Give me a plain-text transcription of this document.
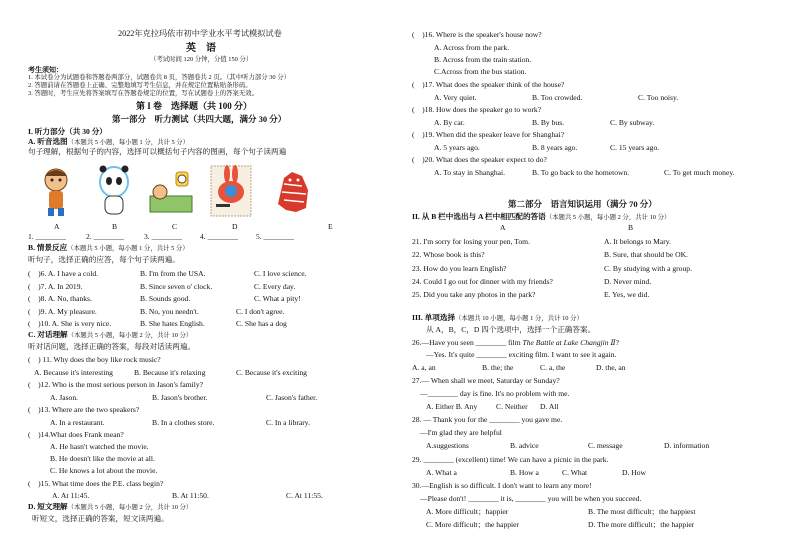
2022年克拉玛依市初中学业水平考试模拟试卷
英　语
（考试时间 120 分钟，分值 150 分）
考生须知：
1. 本试卷分为试题卷和答题卷两部分，试题卷共 8 页，答题卷共 2 页。（其中听力部分 30 分）
2. 答题前请在答题卷上正确、完整地填写考生信息，并在规定位置粘贴条形码。
3. 答题时，考生应先将答案填写在答题卷规定的位置，写在试题卷上的答案无效。
第 I 卷　选择题（共 100 分）
第一部分　听力测试（共四大题，满分 30 分）
I. 听力部分（共 30 分）
A. 听音选图（本题共 5 小题，每小题 1 分，共计 5 分）
句子理解，根据句子的内容，选择可以概括句子内容的图画，每个句子读两遍
A	B	C	D	E
1. ________	2. ________	3. ________ 4. ________ 5. ________
B. 情景反应（本题共 5 小题，每小题 1 分，共计 5 分）
听句子，选择正确的应答，每个句子读两遍。
(　)6. A. I have a cold.	B. I'm from the USA.	C. I love science.
(　)7. A. In 2019.	B. Since seven o' clock.	C. Every day.
(　)8. A. No, thanks.	B. Sounds good.	C. What a pity!
(　)9. A. My pleasure.	B. No, you needn't.	C. I don't agree.
(　)10. A. She is very nice.	B. She hates English.	C. She has a dog
C. 对话理解（本题共 5 小题，每小题 2 分，共计 10 分）
听对话问题，选择正确的答案，每段对话读两遍。
(　) 11. Why does the boy like rock music?
A. Because it's interesting	B. Because it's relaxing	C. Because it's exciting
(　)12. Who is the most serious person in Jason's family?
A. Jason.	B. Jason's brother.	C. Jason's father.
(　)13. Where are the two speakers?
A. In a restaurant.	B. In a clothes store.	C. In a library.
(　)14.What does Frank mean?
A. He hasn't watched the movie.
B. He doesn't like the movie at all.
C. He knows a lot about the movie.
(　)15. What time does the P.E. class begin?
A. At 11:45.	B. At 11:50.	C. At 11:55.
D. 短文理解（本题共 5 小题，每小题 2 分，共计 10 分）
听短文，选择正确的答案，短文读两遍。
(　)16. Where is the speaker's house now?
A. Across from the park.
B. Across from the train station.
C.Across from the bus station.
(　)17. What does the speaker think of the house?
A. Very quiet.	B. Too crowded.	C. Too noisy.
(　)18. How does the speaker go to work?
A. By car.	B. By bus.	C. By subway.
(　)19. When did the speaker leave for Shanghai?
A. 5 years ago.	B. 8 years ago.	C. 15 years ago.
(　)20. What does the speaker expect to do?
A. To stay in Shanghai.	B. To go back to the hometown.	C. To get much money.
第二部分　语言知识运用（满分 70 分）
II. 从 B 栏中选出与 A 栏中相匹配的答语（本题共 5 小题，每小题 2 分，共计 10 分）
A	B
21. I'm sorry for losing your pen, Tom.	A. It belongs to Mary.
22. Whose book is this?	B. Sure, that should be OK.
23. How do you learn English?	C. By studying with a group.
24. Could I go out for dinner with my friends?	D. Never mind.
25. Did you take any photos in the park?	E. Yes, we did.
III. 单项选择（本题共 10 小题，每小题 1 分，共计 10 分）
从 A，B，C，D 四个选项中，选择一个正确答案。
26.—Have you seen ________ film The Battle at Lake Changjin Ⅱ?
—Yes. It's quite ________ exciting film. I want to see it again.
A. a, an	B. the; the	C. a, the	D. the, an
27.— When shall we meet, Saturday or Sunday?
—________ day is fine. It's no problem with me.
A. Either B. Any C. Neither D. All
28. — Thank you for the ________ you gave me.
—I'm glad they are helpful
A.suggestions	B. advice	C. message	D. information
29. ________ (excellent) time! We can have a picnic in the park.
A. What a	B. How a	C. What	D. How
30.—English is so difficult. I don't want to learn any more!
—Please don't! ________ it is, ________ you will be when you succeed.
A. More difficult；happier	B. The most difficult；the happiest
C. More difficult；the happier	D. The more difficult；the happier
